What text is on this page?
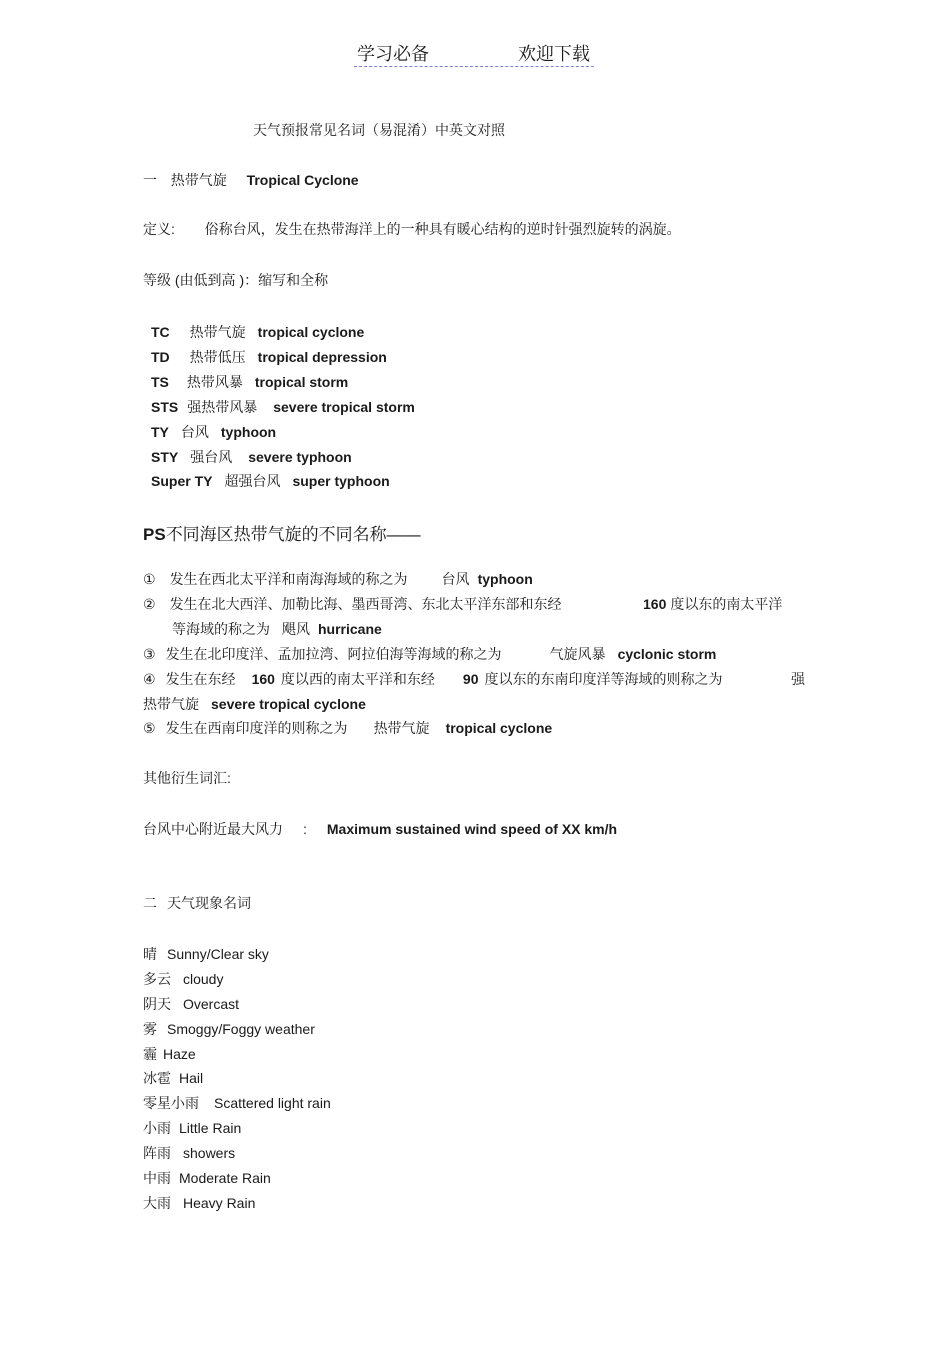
学习必备	欢迎下载
天气预报常见名词（易混淆）中英文对照
一 热带气旋 Tropical Cyclone
定义: 俗称台风，发生在热带海洋上的一种具有暖心结构的逆时针强烈旋转的涡旋。
等级 (由低到高 )：缩写和全称
TC 热带气旋 tropical cyclone
TD 热带低压 tropical depression
TS 热带风暴 tropical storm
STS 强热带风暴 severe tropical storm
TY 台风 typhoon
STY 强台风 severe typhoon
Super TY 超强台风 super typhoon
PS不同海区热带气旋的不同名称——
① 发生在西北太平洋和南海海域的称之为 台风 typhoon
② 发生在北大西洋、加勒比海、墨西哥湾、东北太平洋东部和东经	160 度以东的南太平洋
等海域的称之为 飓风 hurricane
③ 发生在北印度洋、孟加拉湾、阿拉伯海等海域的称之为	气旋风暴 cyclonic storm
④ 发生在东经 160 度以西的南太平洋和东经 90 度以东的东南印度洋等海域的则称之为	强
热带气旋 severe tropical cyclone
⑤ 发生在西南印度洋的则称之为 热带气旋 tropical cyclone
其他衍生词汇:
台风中心附近最大风力 : Maximum sustained wind speed of XX km/h
二 天气现象名词
晴 Sunny/Clear sky
多云 cloudy
阴天 Overcast
雾 Smoggy/Foggy weather
霾 Haze
冰雹 Hail
零星小雨 Scattered light rain
小雨 Little Rain
阵雨 showers
中雨 Moderate Rain
大雨 Heavy Rain
